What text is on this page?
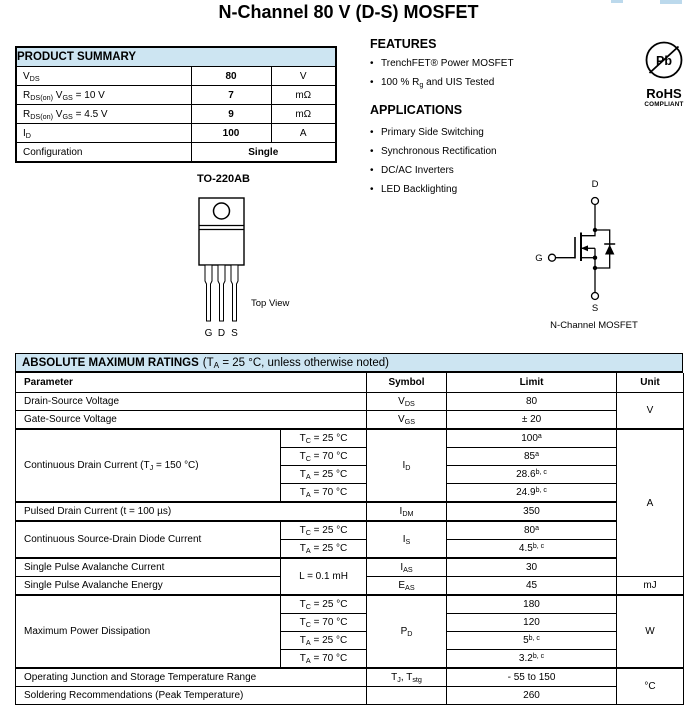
N-Channel 80 V (D-S) MOSFET
PRODUCT SUMMARY		
$V_{DS}$	80	V
$R_{DS(on)}$ $V_{GS} = 10$ V	7	mΩ
$R_{DS(on)}$ $V_{GS} = 4.5$ V	9	mΩ
$I_D$	100	A
Configuration	Single	
FEATURES
• TrenchFET® Power MOSFET
• 100 % $R_g$ and UIS Tested
APPLICATIONS
• Primary Side Switching
• Synchronous Rectification
• DC/AC Inverters
• LED Backlighting
Pb
RoHS
COMPLIANT
TO-220AB
G D S
Top View
D
S
G
N-Channel MOSFET
ABSOLUTE MAXIMUM RATINGS ($T_A = 25$ °C, unless otherwise noted)
Parameter		Symbol	Limit	Unit
Drain-Source Voltage		$V_{DS}$	80	V
Gate-Source Voltage		$V_{GS}$	± 20	
Continuous Drain Current ($T_J = 150$ °C)	$T_C = 25$ °C	$I_D$	100$^a$	A
	$T_C = 70$ °C		85$^a$
	$T_A = 25$ °C		28.6$^{b, c}$
	$T_A = 70$ °C		24.9$^{b, c}$
Pulsed Drain Current (t = 100 µs)		$I_{DM}$	350	
Continuous Source-Drain Diode Current	$T_C = 25$ °C	$I_S$	80$^a$
	$T_A = 25$ °C		4.5$^{b, c}$
Single Pulse Avalanche Current	L = 0.1 mH	$I_{AS}$	30	
Single Pulse Avalanche Energy		$E_{AS}$	45	mJ
Maximum Power Dissipation	$T_C = 25$ °C	$P_D$	180	W
	$T_C = 70$ °C		120	
	$T_A = 25$ °C		5$^{b, c}$
	$T_A = 70$ °C		3.2$^{b, c}$
Operating Junction and Storage Temperature Range		$T_J$, $T_{stg}$	- 55 to 150	°C
Soldering Recommendations (Peak Temperature)			260	
